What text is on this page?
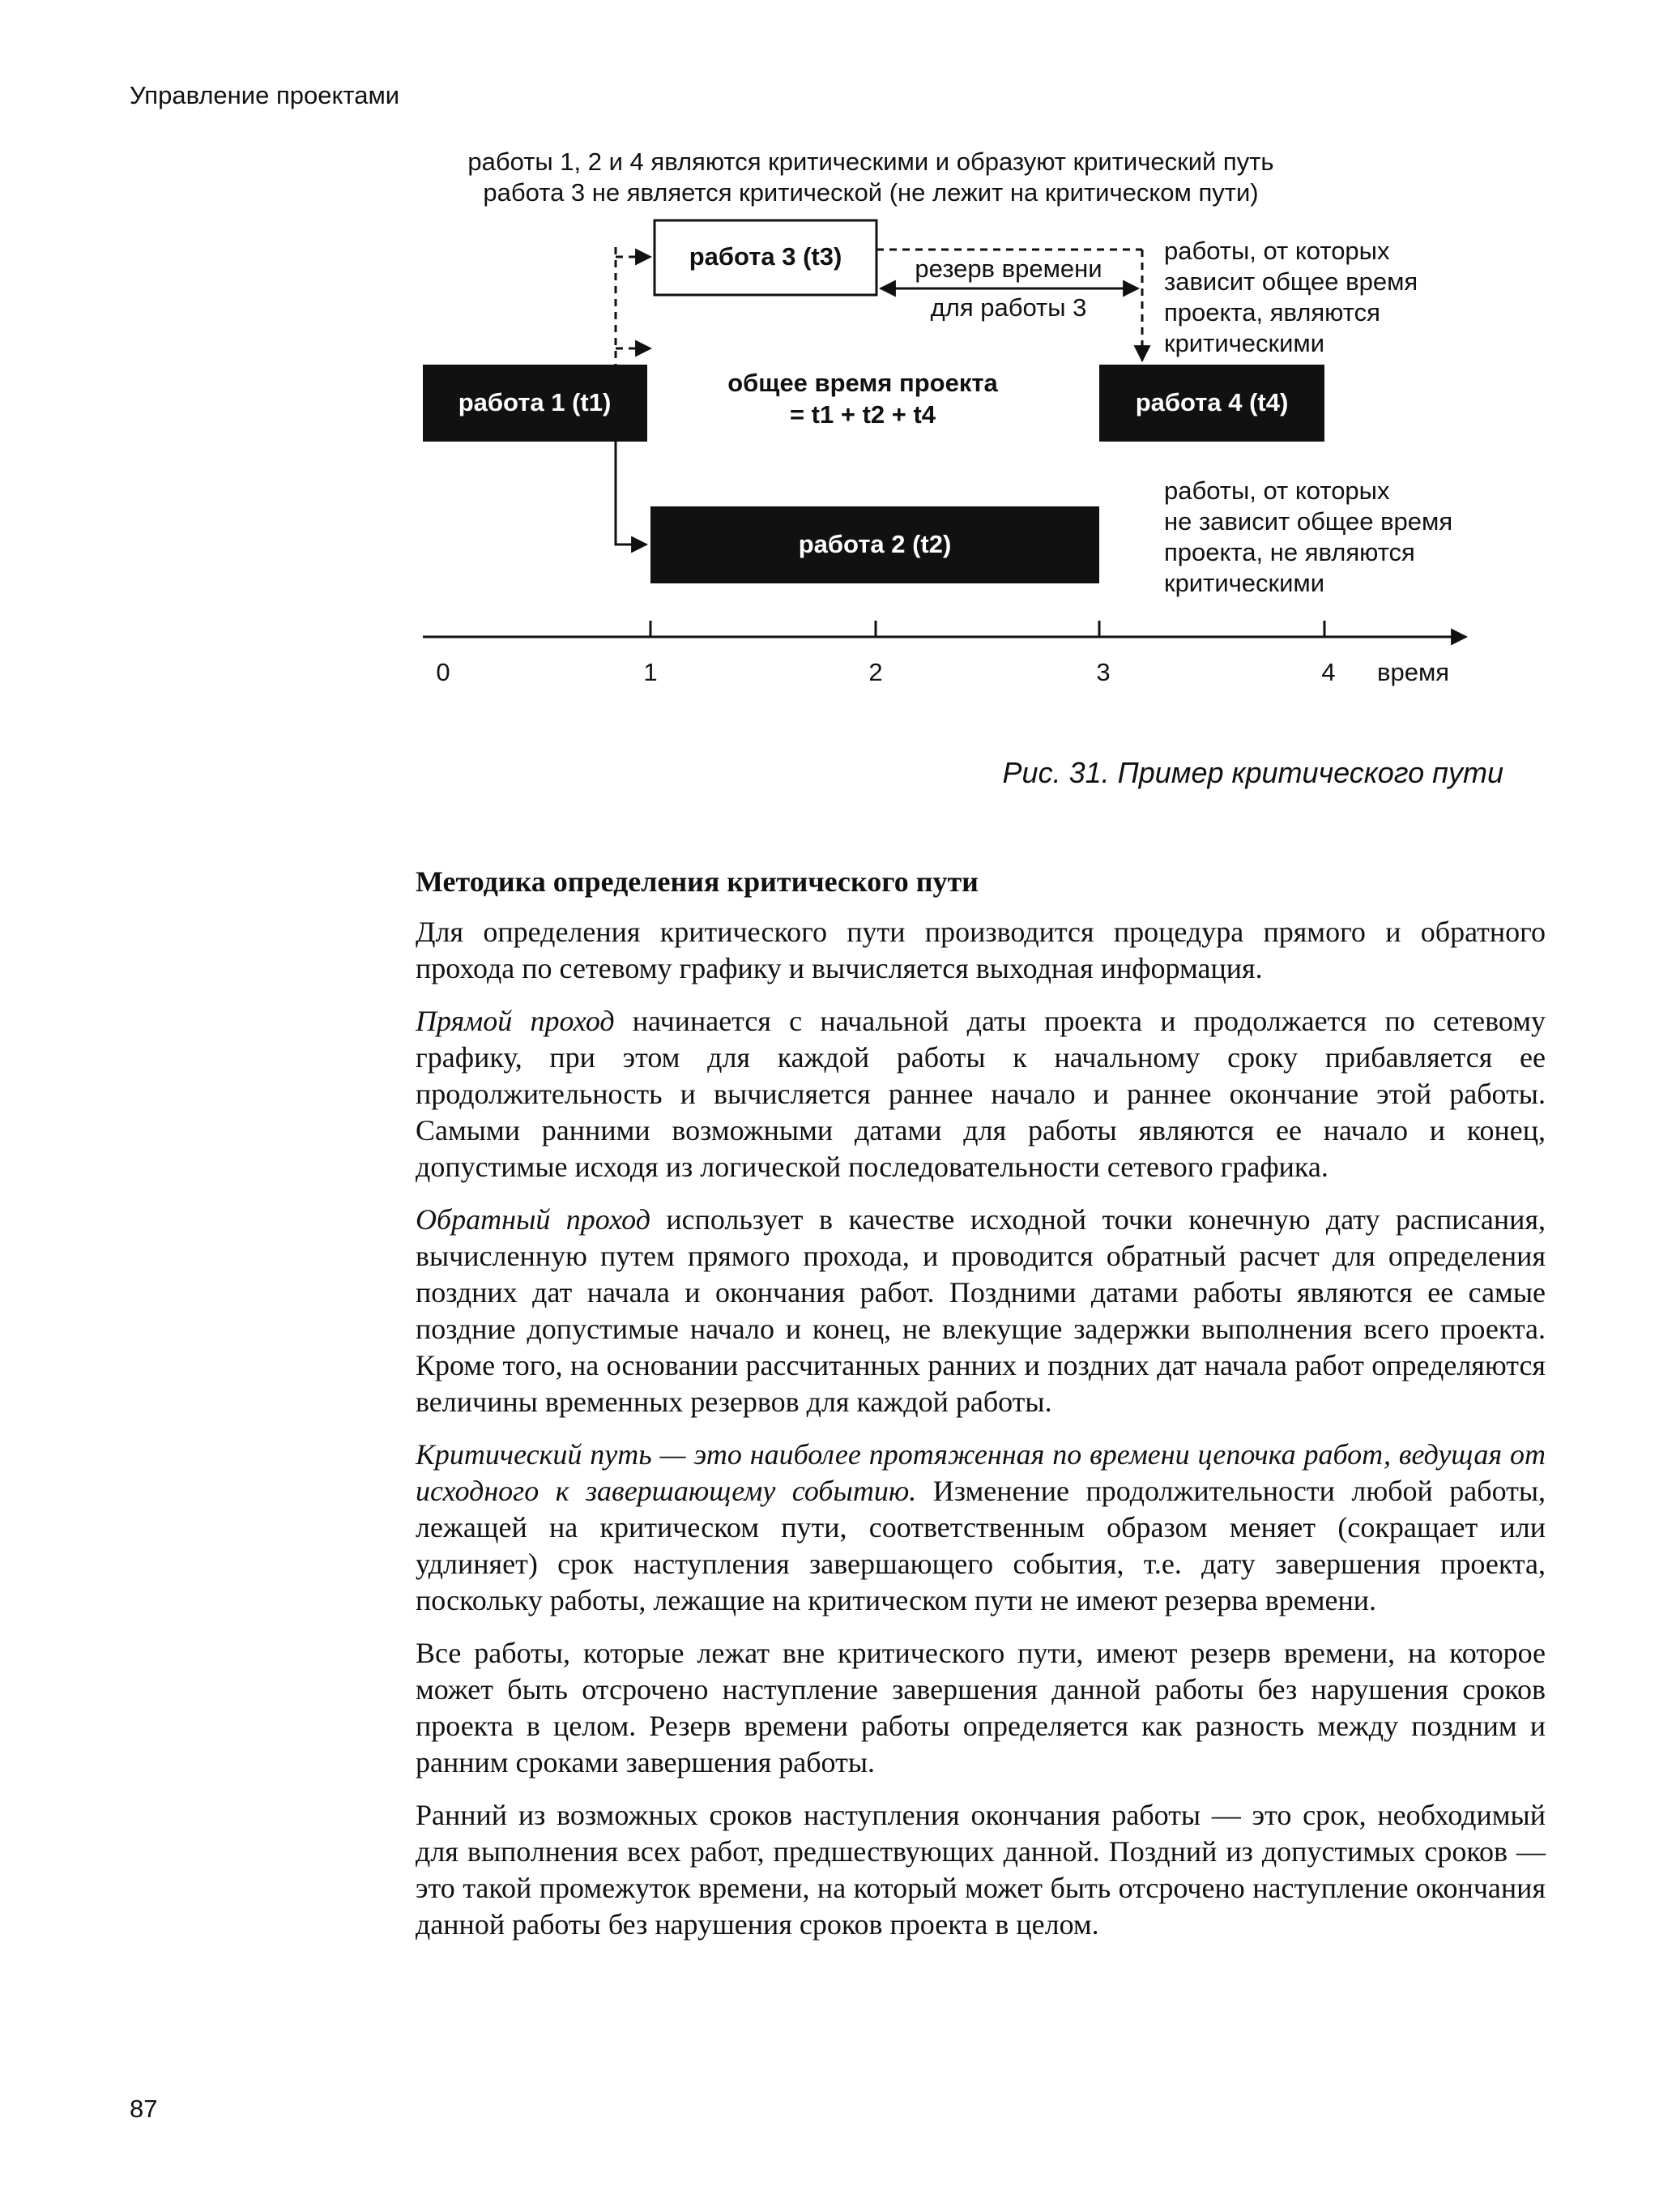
Управление проектами
работы 1, 2 и 4 являются критическими и образуют критический путь
работа 3 не является критической (не лежит на критическом пути)
работа 1 (t1)
работа 2 (t2)
работа 3 (t3)
работа 4 (t4)
общее время проекта
= t1 + t2 + t4
резерв времени
для работы 3
работы, от которых
зависит общее время
проекта, являются
критическими
работы, от которых
не зависит общее время
проекта, не являются
критическими
0	1	2	3	4 время
Рис. 31. Пример критического пути
Методика определения критического пути

Для определения критического пути производится процедура прямого и обратного прохода по сетевому графику и вычисляется выходная информация.

Прямой проход начинается с начальной даты проекта и продолжается по сетевому графику, при этом для каждой работы к начальному сроку прибавляется ее продолжительность и вычисляется раннее начало и раннее окончание этой работы. Самыми ранними возможными датами для работы являются ее начало и конец, допустимые исходя из логической последовательности сетевого графика.

Обратный проход использует в качестве исходной точки конечную дату расписания, вычисленную путем прямого прохода, и проводится обратный расчет для определения поздних дат начала и окончания работ. Поздними датами работы являются ее самые поздние допустимые начало и конец, не влекущие задержки выполнения всего проекта. Кроме того, на основании рассчитанных ранних и поздних дат начала работ определяются величины временных резервов для каждой работы.

Критический путь — это наиболее протяженная по времени цепочка работ, ведущая от исходного к завершающему событию. Изменение продолжительности любой работы, лежащей на критическом пути, соответственным образом меняет (сокращает или удлиняет) срок наступления завершающего события, т.е. дату завершения проекта, поскольку работы, лежащие на критическом пути не имеют резерва времени.

Все работы, которые лежат вне критического пути, имеют резерв времени, на которое может быть отсрочено наступление завершения данной работы без нарушения сроков проекта в целом. Резерв времени работы определяется как разность между поздним и ранним сроками завершения работы.

Ранний из возможных сроков наступления окончания работы — это срок, необходимый для выполнения всех работ, предшествующих данной. Поздний из допустимых сроков — это такой промежуток времени, на который может быть отсрочено наступление окончания данной работы без нарушения сроков проекта в целом.

87
